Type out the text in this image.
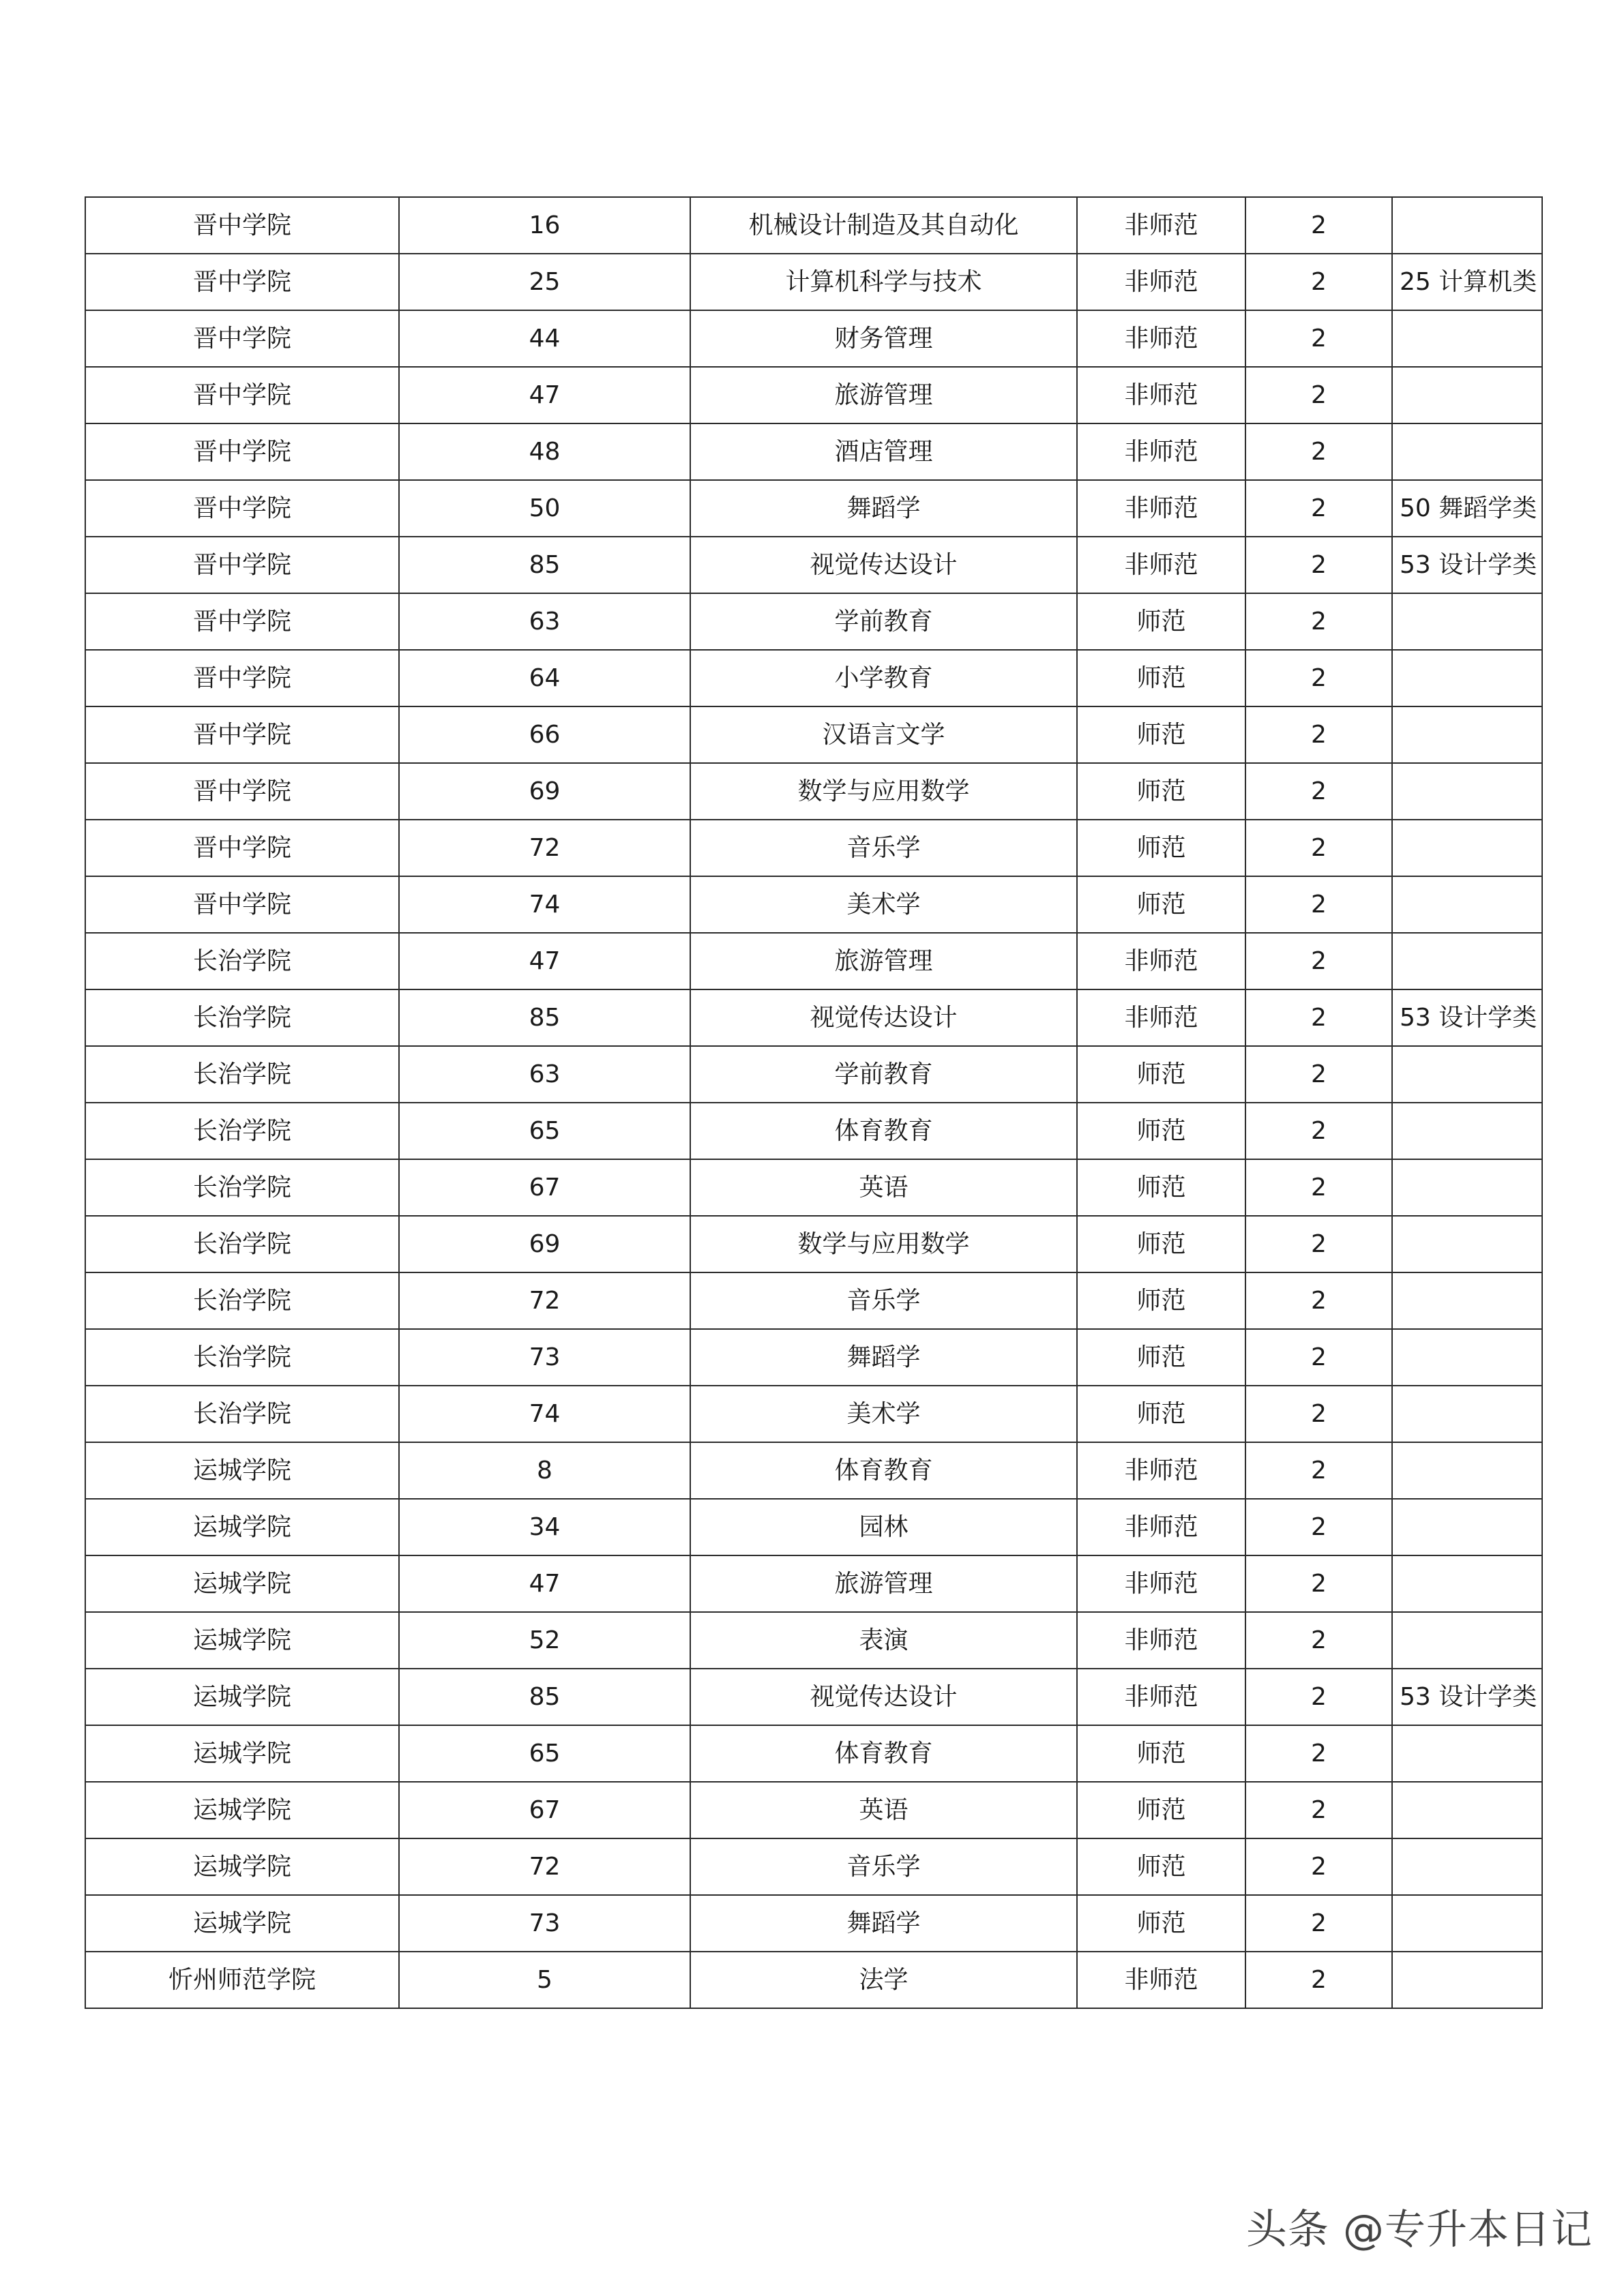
晋中学院	16	机械设计制造及其自动化	非师范	2	
晋中学院	25	计算机科学与技术	非师范	2	25 计算机类
晋中学院	44	财务管理	非师范	2	
晋中学院	47	旅游管理	非师范	2	
晋中学院	48	酒店管理	非师范	2	
晋中学院	50	舞蹈学	非师范	2	50 舞蹈学类
晋中学院	85	视觉传达设计	非师范	2	53 设计学类
晋中学院	63	学前教育	师范	2	
晋中学院	64	小学教育	师范	2	
晋中学院	66	汉语言文学	师范	2	
晋中学院	69	数学与应用数学	师范	2	
晋中学院	72	音乐学	师范	2	
晋中学院	74	美术学	师范	2	
长治学院	47	旅游管理	非师范	2	
长治学院	85	视觉传达设计	非师范	2	53 设计学类
长治学院	63	学前教育	师范	2	
长治学院	65	体育教育	师范	2	
长治学院	67	英语	师范	2	
长治学院	69	数学与应用数学	师范	2	
长治学院	72	音乐学	师范	2	
长治学院	73	舞蹈学	师范	2	
长治学院	74	美术学	师范	2	
运城学院	8	体育教育	非师范	2	
运城学院	34	园林	非师范	2	
运城学院	47	旅游管理	非师范	2	
运城学院	52	表演	非师范	2	
运城学院	85	视觉传达设计	非师范	2	53 设计学类
运城学院	65	体育教育	师范	2	
运城学院	67	英语	师范	2	
运城学院	72	音乐学	师范	2	
运城学院	73	舞蹈学	师范	2	
忻州师范学院	5	法学	非师范	2	
头条 @专升本日记
